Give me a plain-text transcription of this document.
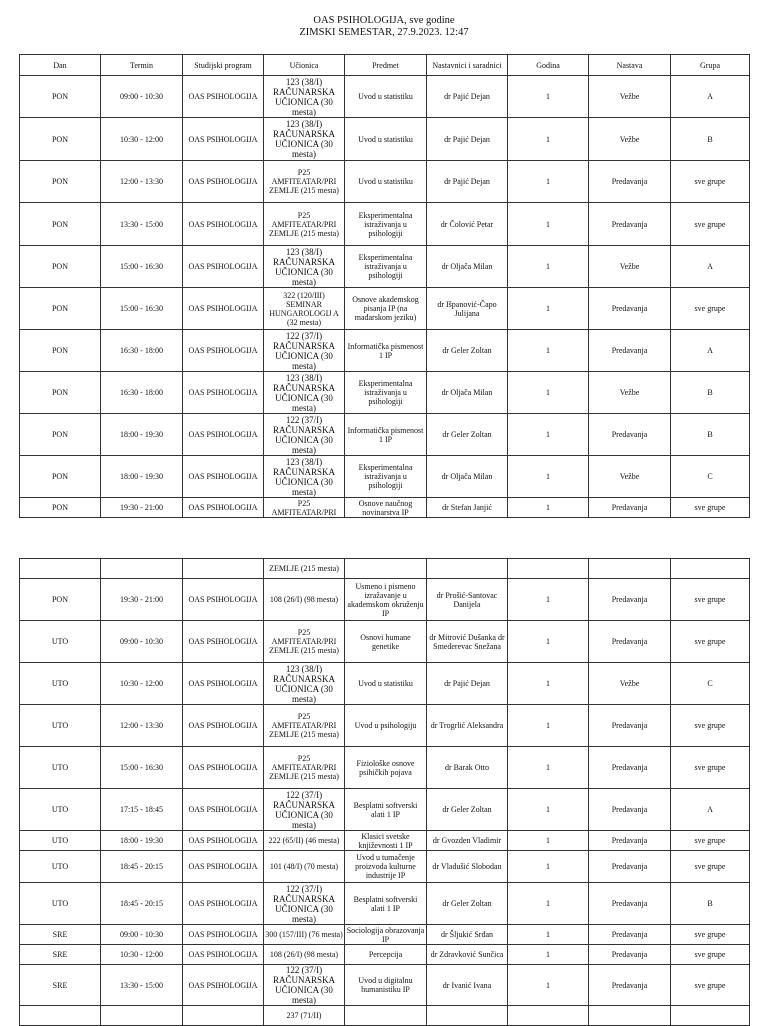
OAS PSIHOLOGIJA, sve godine
ZIMSKI SEMESTAR, 27.9.2023. 12:47
Dan	Termin	Studijski program	Učionica	Predmet	Nastavnici i saradnici	Godina	Nastava	Grupa
PON	09:00 - 10:30	OAS PSIHOLOGIJA	123 (38/I) RAČUNARSKA UČIONICA (30 mesta)	Uvod u statistiku	dr Pajić Dejan	1	Vežbe	A
PON	10:30 - 12:00	OAS PSIHOLOGIJA	123 (38/I) RAČUNARSKA UČIONICA (30 mesta)	Uvod u statistiku	dr Pajić Dejan	1	Vežbe	B
PON	12:00 - 13:30	OAS PSIHOLOGIJA	P25 AMFITEATAR/PRI ZEMLJE (215 mesta)	Uvod u statistiku	dr Pajić Dejan	1	Predavanja	sve grupe
PON	13:30 - 15:00	OAS PSIHOLOGIJA	P25 AMFITEATAR/PRI ZEMLJE (215 mesta)	Eksperimentalna istraživanja u psihologiji	dr Čolović Petar	1	Predavanja	sve grupe
PON	15:00 - 16:30	OAS PSIHOLOGIJA	123 (38/I) RAČUNARSKA UČIONICA (30 mesta)	Eksperimentalna istraživanja u psihologiji	dr Oljača Milan	1	Vežbe	A
PON	15:00 - 16:30	OAS PSIHOLOGIJA	322 (120/III) SEMINAR HUNGAROLOGIJ A (32 mesta)	Osnove akademskog pisanja IP (na mađarskom jeziku)	dr Išpanović-Čapo Julijana	1	Predavanja	sve grupe
PON	16:30 - 18:00	OAS PSIHOLOGIJA	122 (37/I) RAČUNARSKA UČIONICA (30 mesta)	Informatička pismenost 1 IP	dr Geler Zoltan	1	Predavanja	A
PON	16:30 - 18:00	OAS PSIHOLOGIJA	123 (38/I) RAČUNARSKA UČIONICA (30 mesta)	Eksperimentalna istraživanja u psihologiji	dr Oljača Milan	1	Vežbe	B
PON	18:00 - 19:30	OAS PSIHOLOGIJA	122 (37/I) RAČUNARSKA UČIONICA (30 mesta)	Informatička pismenost 1 IP	dr Geler Zoltan	1	Predavanja	B
PON	18:00 - 19:30	OAS PSIHOLOGIJA	123 (38/I) RAČUNARSKA UČIONICA (30 mesta)	Eksperimentalna istraživanja u psihologiji	dr Oljača Milan	1	Vežbe	C
PON	19:30 - 21:00	OAS PSIHOLOGIJA	P25 AMFITEATAR/PRI	Osnove naučnog novinarstva IP	dr Stefan Janjić	1	Predavanja	sve grupe
			ZEMLJE (215 mesta)					
PON	19:30 - 21:00	OAS PSIHOLOGIJA	108 (26/I) (98 mesta)	Usmeno i pismeno izražavanje u akademskom okruženju IP	dr Prošić-Santovac Danijela	1	Predavanja	sve grupe
UTO	09:00 - 10:30	OAS PSIHOLOGIJA	P25 AMFITEATAR/PRI ZEMLJE (215 mesta)	Osnovi humane genetike	dr Mitrović Dušanka dr Smederevac Snežana	1	Predavanja	sve grupe
UTO	10:30 - 12:00	OAS PSIHOLOGIJA	123 (38/I) RAČUNARSKA UČIONICA (30 mesta)	Uvod u statistiku	dr Pajić Dejan	1	Vežbe	C
UTO	12:00 - 13:30	OAS PSIHOLOGIJA	P25 AMFITEATAR/PRI ZEMLJE (215 mesta)	Uvod u psihologiju	dr Trogrlić Aleksandra	1	Predavanja	sve grupe
UTO	15:00 - 16:30	OAS PSIHOLOGIJA	P25 AMFITEATAR/PRI ZEMLJE (215 mesta)	Fiziološke osnove psihičkih pojava	dr Barak Otto	1	Predavanja	sve grupe
UTO	17:15 - 18:45	OAS PSIHOLOGIJA	122 (37/I) RAČUNARSKA UČIONICA (30 mesta)	Besplatni softverski alati 1 IP	dr Geler Zoltan	1	Predavanja	A
UTO	18:00 - 19:30	OAS PSIHOLOGIJA	222 (65/II) (46 mesta)	Klasici svetske književnosti 1 IP	dr Gvozden Vladimir	1	Predavanja	sve grupe
UTO	18:45 - 20:15	OAS PSIHOLOGIJA	101 (48/I) (70 mesta)	Uvod u tumačenje proizvoda kulturne industrije IP	dr Vladušić Slobodan	1	Predavanja	sve grupe
UTO	18:45 - 20:15	OAS PSIHOLOGIJA	122 (37/I) RAČUNARSKA UČIONICA (30 mesta)	Besplatni softverski alati 1 IP	dr Geler Zoltan	1	Predavanja	B
SRE	09:00 - 10:30	OAS PSIHOLOGIJA	300 (157/III) (76 mesta)	Sociologija obrazovanja IP	dr Šljukić Srđan	1	Predavanja	sve grupe
SRE	10:30 - 12:00	OAS PSIHOLOGIJA	108 (26/I) (98 mesta)	Percepcija	dr Zdravković Sunčica	1	Predavanja	sve grupe
SRE	13:30 - 15:00	OAS PSIHOLOGIJA	122 (37/I) RAČUNARSKA UČIONICA (30 mesta)	Uvod u digitalnu humanistiku IP	dr Ivanić Ivana	1	Predavanja	sve grupe
			237 (71/II)					
